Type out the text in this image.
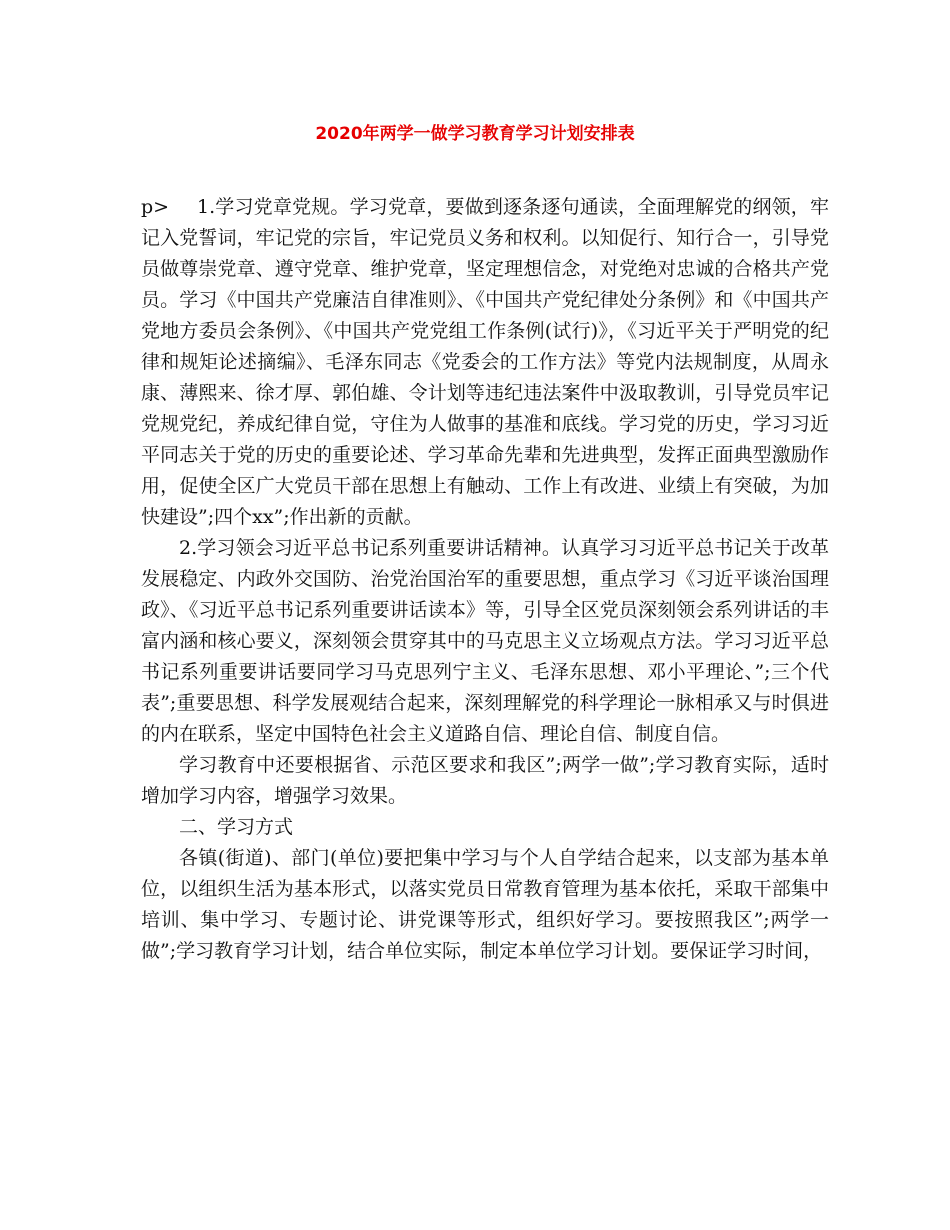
2020年两学一做学习教育学习计划安排表

p> 1.学习党章党规。学习党章，要做到逐条逐句通读，全面理解党的纲领，牢记入党誓词，牢记党的宗旨，牢记党员义务和权利。以知促行、知行合一，引导党员做尊崇党章、遵守党章、维护党章，坚定理想信念，对党绝对忠诚的合格共产党员。学习《中国共产党廉洁自律准则》、《中国共产党纪律处分条例》和《中国共产党地方委员会条例》、《中国共产党党组工作条例(试行)》，《习近平关于严明党的纪律和规矩论述摘编》、毛泽东同志《党委会的工作方法》等党内法规制度，从周永康、薄熙来、徐才厚、郭伯雄、令计划等违纪违法案件中汲取教训，引导党员牢记党规党纪，养成纪律自觉，守住为人做事的基准和底线。学习党的历史，学习习近平同志关于党的历史的重要论述、学习革命先辈和先进典型，发挥正面典型激励作用，促使全区广大党员干部在思想上有触动、工作上有改进、业绩上有突破，为加快建设”;四个xx”;作出新的贡献。

2.学习领会习近平总书记系列重要讲话精神。认真学习习近平总书记关于改革发展稳定、内政外交国防、治党治国治军的重要思想，重点学习《习近平谈治国理政》、《习近平总书记系列重要讲话读本》等，引导全区党员深刻领会系列讲话的丰富内涵和核心要义，深刻领会贯穿其中的马克思主义立场观点方法。学习习近平总书记系列重要讲话要同学习马克思列宁主义、毛泽东思想、邓小平理论、”;三个代表”;重要思想、科学发展观结合起来，深刻理解党的科学理论一脉相承又与时俱进的内在联系，坚定中国特色社会主义道路自信、理论自信、制度自信。

学习教育中还要根据省、示范区要求和我区”;两学一做”;学习教育实际，适时增加学习内容，增强学习效果。

二、学习方式

各镇(街道)、部门(单位)要把集中学习与个人自学结合起来，以支部为基本单位，以组织生活为基本形式，以落实党员日常教育管理为基本依托，采取干部集中培训、集中学习、专题讨论、讲党课等形式，组织好学习。要按照我区”;两学一做”;学习教育学习计划，结合单位实际，制定本单位学习计划。要保证学习时间，
